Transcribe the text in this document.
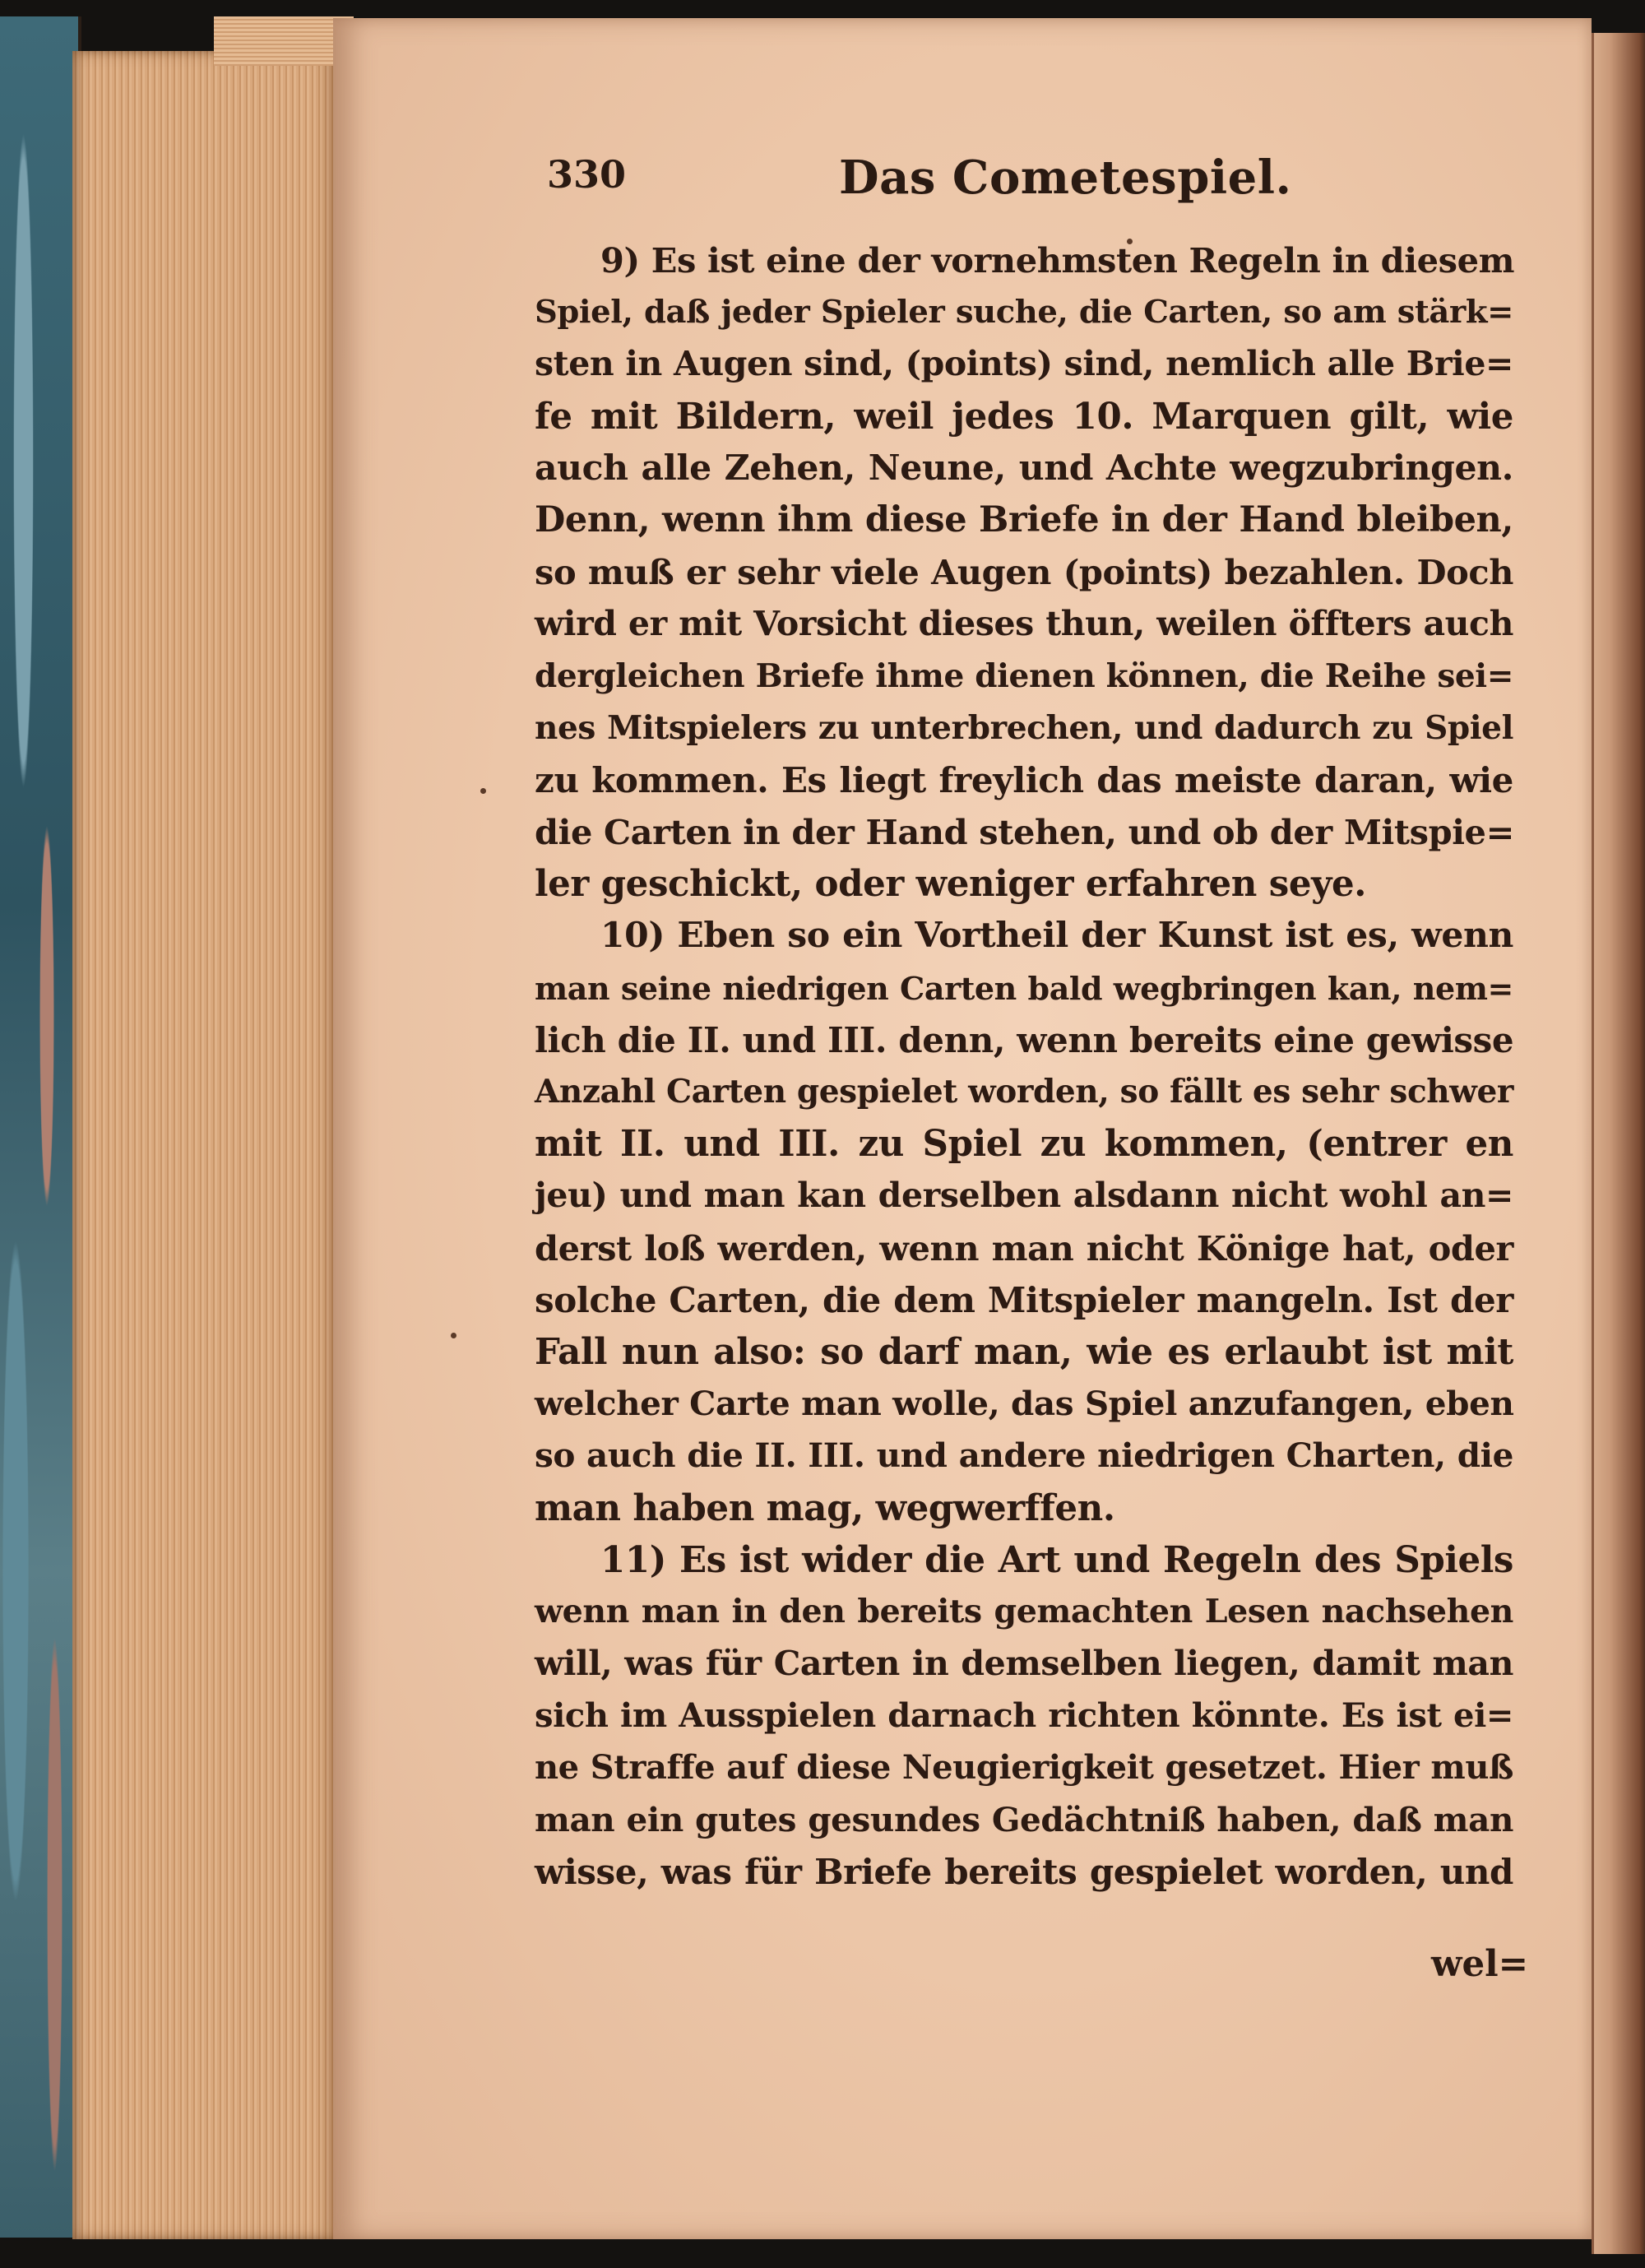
330	Das Cometespiel.
9) Es ist eine der vornehmsten Regeln in diesem
Spiel, daß jeder Spieler suche, die Carten, so am stärk=
sten in Augen sind, (points) sind, nemlich alle Brie=
fe mit Bildern, weil jedes 10. Marquen gilt, wie
auch alle Zehen, Neune, und Achte wegzubringen.
Denn, wenn ihm diese Briefe in der Hand bleiben,
so muß er sehr viele Augen (points) bezahlen. Doch
wird er mit Vorsicht dieses thun, weilen öffters auch
dergleichen Briefe ihme dienen können, die Reihe sei=
nes Mitspielers zu unterbrechen, und dadurch zu Spiel
zu kommen. Es liegt freylich das meiste daran, wie
die Carten in der Hand stehen, und ob der Mitspie=
ler geschickt, oder weniger erfahren seye.
10) Eben so ein Vortheil der Kunst ist es, wenn
man seine niedrigen Carten bald wegbringen kan, nem=
lich die II. und III. denn, wenn bereits eine gewisse
Anzahl Carten gespielet worden, so fällt es sehr schwer
mit II. und III. zu Spiel zu kommen, (entrer en
jeu) und man kan derselben alsdann nicht wohl an=
derst loß werden, wenn man nicht Könige hat, oder
solche Carten, die dem Mitspieler mangeln. Ist der
Fall nun also: so darf man, wie es erlaubt ist mit
welcher Carte man wolle, das Spiel anzufangen, eben
so auch die II. III. und andere niedrigen Charten, die
man haben mag, wegwerffen.
11) Es ist wider die Art und Regeln des Spiels
wenn man in den bereits gemachten Lesen nachsehen
will, was für Carten in demselben liegen, damit man
sich im Ausspielen darnach richten könnte. Es ist ei=
ne Straffe auf diese Neugierigkeit gesetzet. Hier muß
man ein gutes gesundes Gedächtniß haben, daß man
wisse, was für Briefe bereits gespielet worden, und
wel=
